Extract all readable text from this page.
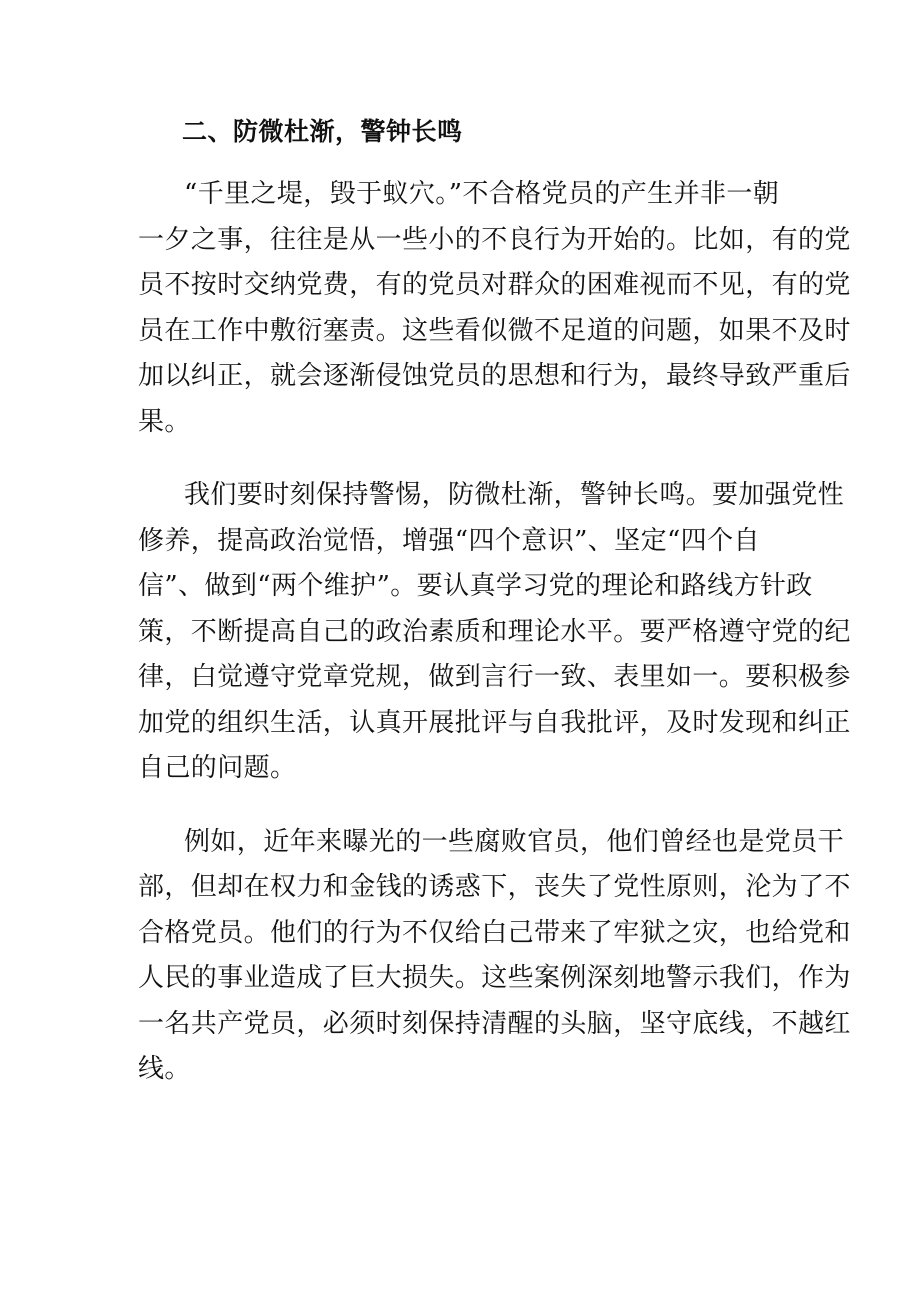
二、防微杜渐，警钟长鸣
“千里之堤，毁于蚁穴。”不合格党员的产生并非一朝
一夕之事，往往是从一些小的不良行为开始的。比如，有的党
员不按时交纳党费，有的党员对群众的困难视而不见，有的党
员在工作中敷衍塞责。这些看似微不足道的问题，如果不及时
加以纠正，就会逐渐侵蚀党员的思想和行为，最终导致严重后
果。
我们要时刻保持警惕，防微杜渐，警钟长鸣。要加强党性
修养，提高政治觉悟，增强“四个意识”、坚定“四个自
信”、做到“两个维护”。要认真学习党的理论和路线方针政
策，不断提高自己的政治素质和理论水平。要严格遵守党的纪
律，白觉遵守党章党规，做到言行一致、表里如一。要积极参
加党的组织生活，认真开展批评与自我批评，及时发现和纠正
自己的问题。
例如，近年来曝光的一些腐败官员，他们曾经也是党员干
部，但却在权力和金钱的诱惑下，丧失了党性原则，沦为了不
合格党员。他们的行为不仅给白己带来了牢狱之灾，也给党和
人民的事业造成了巨大损失。这些案例深刻地警示我们，作为
一名共产党员，必须时刻保持清醒的头脑，坚守底线，不越红
线。
